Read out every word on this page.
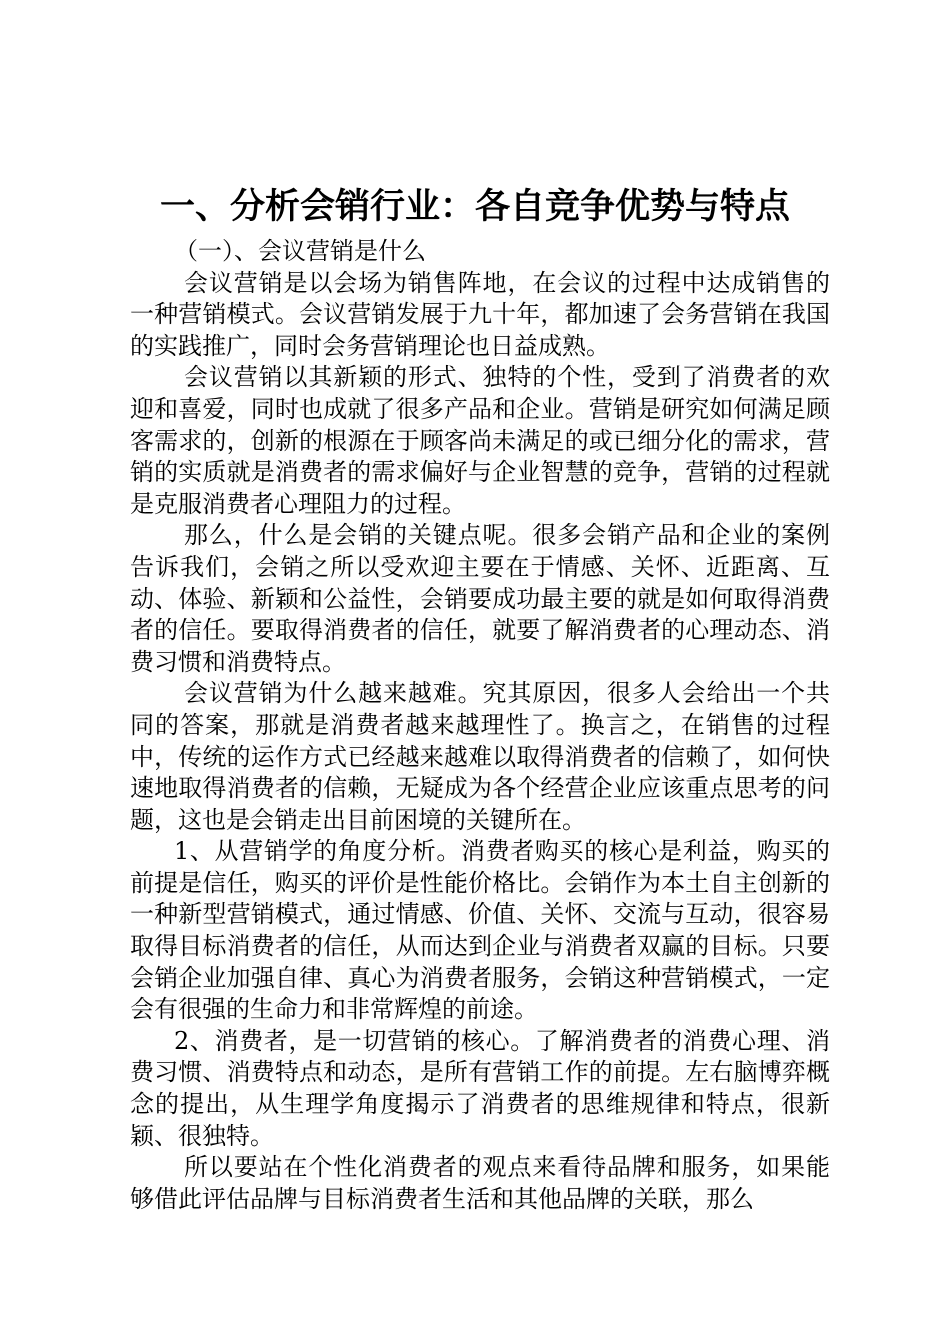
一、分析会销行业：各自竞争优势与特点

（一）、会议营销是什么

会议营销是以会场为销售阵地，在会议的过程中达成销售的一种营销模式。会议营销发展于九十年，都加速了会务营销在我国的实践推广，同时会务营销理论也日益成熟。

会议营销以其新颖的形式、独特的个性，受到了消费者的欢迎和喜爱，同时也成就了很多产品和企业。营销是研究如何满足顾客需求的，创新的根源在于顾客尚未满足的或已细分化的需求，营销的实质就是消费者的需求偏好与企业智慧的竞争，营销的过程就是克服消费者心理阻力的过程。

那么，什么是会销的关键点呢。很多会销产品和企业的案例告诉我们，会销之所以受欢迎主要在于情感、关怀、近距离、互动、体验、新颖和公益性，会销要成功最主要的就是如何取得消费者的信任。要取得消费者的信任，就要了解消费者的心理动态、消费习惯和消费特点。

会议营销为什么越来越难。究其原因，很多人会给出一个共同的答案，那就是消费者越来越理性了。换言之，在销售的过程中，传统的运作方式已经越来越难以取得消费者的信赖了，如何快速地取得消费者的信赖，无疑成为各个经营企业应该重点思考的问题，这也是会销走出目前困境的关键所在。

1、从营销学的角度分析。消费者购买的核心是利益，购买的前提是信任，购买的评价是性能价格比。会销作为本土自主创新的一种新型营销模式，通过情感、价值、关怀、交流与互动，很容易取得目标消费者的信任，从而达到企业与消费者双赢的目标。只要会销企业加强自律、真心为消费者服务，会销这种营销模式，一定会有很强的生命力和非常辉煌的前途。

2、消费者，是一切营销的核心。了解消费者的消费心理、消费习惯、消费特点和动态，是所有营销工作的前提。左右脑博弈概念的提出，从生理学角度揭示了消费者的思维规律和特点，很新颖、很独特。

所以要站在个性化消费者的观点来看待品牌和服务，如果能够借此评估品牌与目标消费者生活和其他品牌的关联，那么
